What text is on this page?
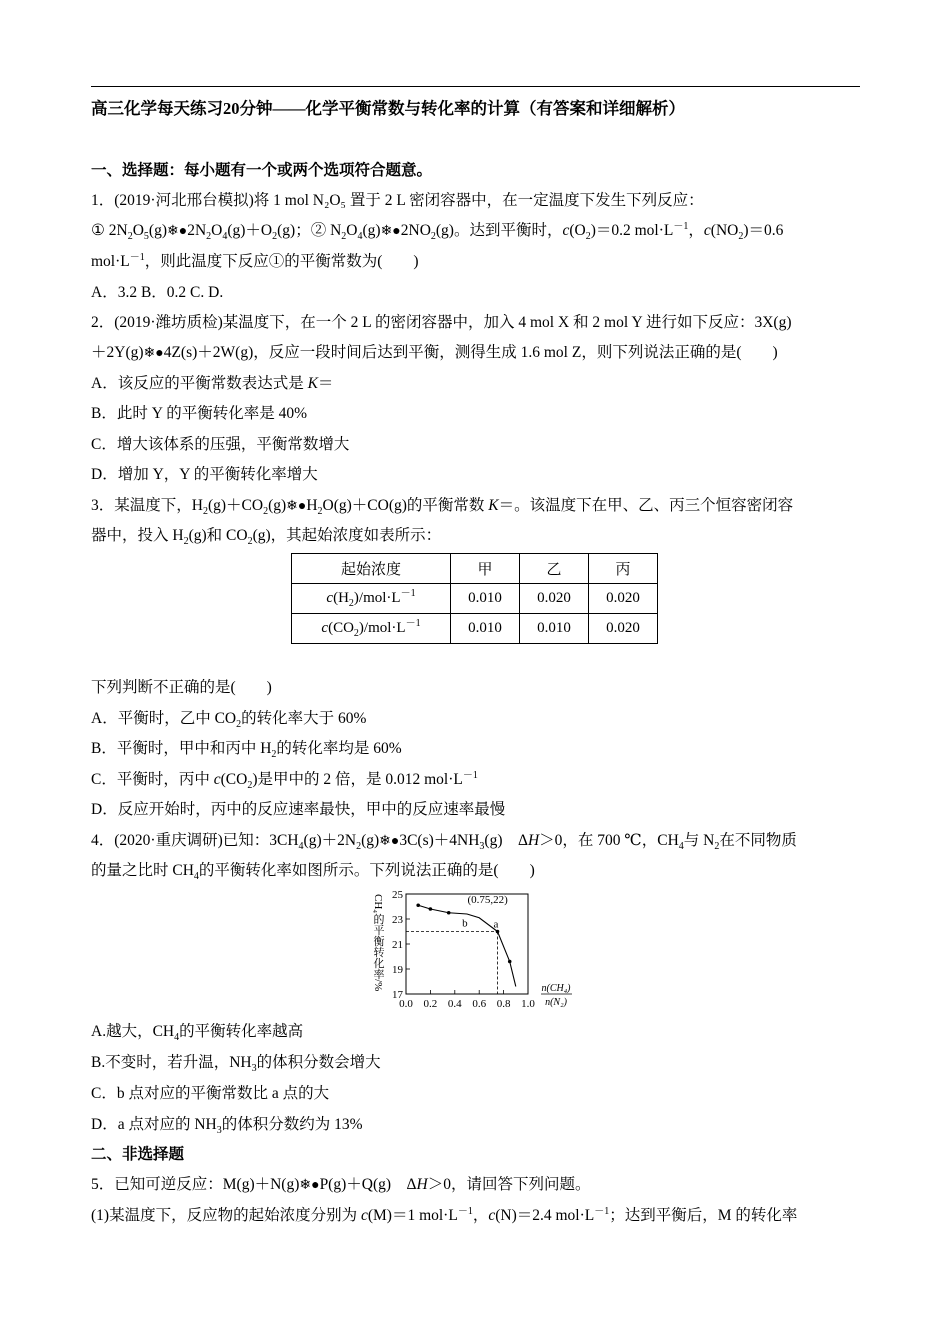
高三化学每天练习20分钟——化学平衡常数与转化率的计算（有答案和详细解析）
一、选择题：每小题有一个或两个选项符合题意。
1．(2019·河北邢台模拟)将 1 mol N₂O₅ 置于 2 L 密闭容器中，在一定温度下发生下列反应：
① $2N_2O_5(g)❄●2N_2O_4(g)+O_2(g)$；② $N_2O_4(g)❄●2NO_2(g)$。达到平衡时，$c(O_2)=0.2$ $mol\cdot L^{-1}$，$c(NO_2)=0.6$
$mol\cdot L^{-1}$，则此温度下反应①的平衡常数为(　　)
A．3.2 B．0.2 C. D.
2．(2019·潍坊质检)某温度下，在一个 2 L 的密闭容器中，加入 4 mol X 和 2 mol Y 进行如下反应：3X(g)
＋2Y(g)❄●4Z(s)＋2W(g)，反应一段时间后达到平衡，测得生成 1.6 mol Z，则下列说法正确的是(　　)
A．该反应的平衡常数表达式是 K＝
B．此时 Y 的平衡转化率是 40%
C．增大该体系的压强，平衡常数增大
D．增加 Y，Y 的平衡转化率增大
3．某温度下，$H_2(g)+CO_2(g)❄●H_2O(g)+CO(g)$的平衡常数 K＝。该温度下在甲、乙、丙三个恒容密闭容
器中，投入 $H_2(g)$和 $CO_2(g)$，其起始浓度如表所示：
起始浓度	甲	乙	丙
$c(H_2)/mol\cdot L^{-1}$	0.010	0.020	0.020
$c(CO_2)/mol\cdot L^{-1}$	0.010	0.010	0.020
下列判断不正确的是(　　)
A．平衡时，乙中 $CO_2$的转化率大于 60%
B．平衡时，甲中和丙中 $H_2$的转化率均是 60%
C．平衡时，丙中 $c(CO_2)$是甲中的 2 倍，是 0.012 $mol\cdot L^{-1}$
D．反应开始时，丙中的反应速率最快，甲中的反应速率最慢
4．(2020·重庆调研)已知：$3CH_4(g)+2N_2(g)❄●3C(s)+4NH_3(g)$　ΔH＞0，在 700 ℃，$CH_4$与 $N_2$在不同物质
的量之比时 $CH_4$的平衡转化率如图所示。下列说法正确的是(　　)
CH₄的平衡转化率/%
17
19
21
23
25
0.0 0.2 0.4 0.6 0.8 1.0
(0.75,22)
a
b
n(CH₄)
n(N₂)
A.越大，$CH_4$的平衡转化率越高
B.不变时，若升温，$NH_3$的体积分数会增大
C．b 点对应的平衡常数比 a 点的大
D．a 点对应的 $NH_3$的体积分数约为 13%
二、非选择题
5．已知可逆反应：M(g)＋N(g)❄●P(g)＋Q(g)　ΔH＞0，请回答下列问题。
(1)某温度下，反应物的起始浓度分别为 c(M)＝1 $mol\cdot L^{-1}$，c(N)＝2.4 $mol\cdot L^{-1}$；达到平衡后，M 的转化率
